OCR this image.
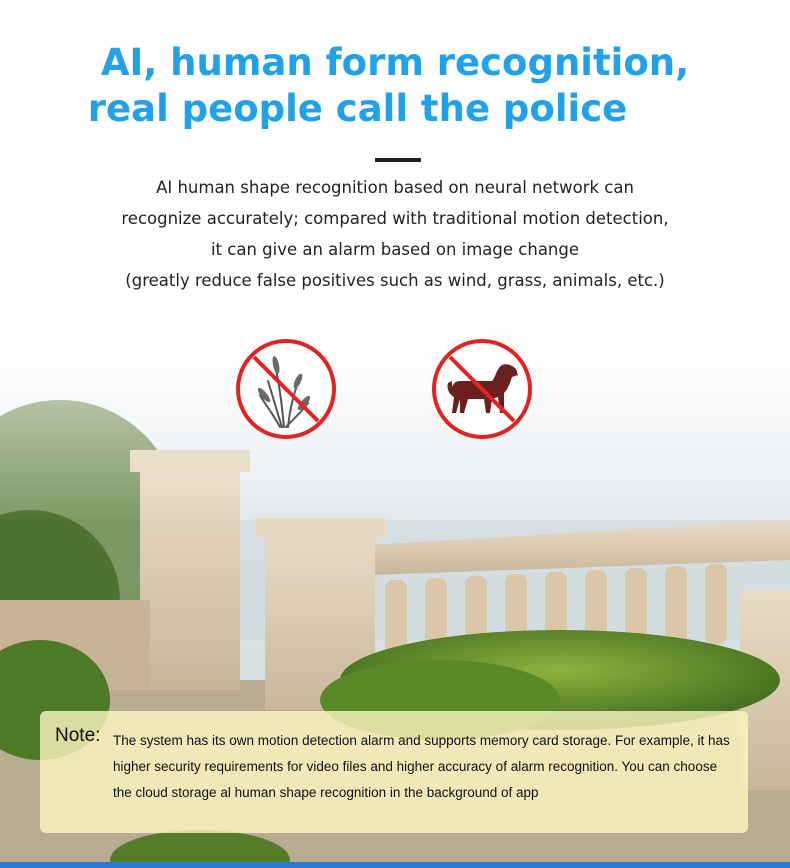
AI, human form recognition,
real people call the police
AI human shape recognition based on neural network can
recognize accurately; compared with traditional motion detection,
it can give an alarm based on image change
(greatly reduce false positives such as wind, grass, animals, etc.)
Note: The system has its own motion detection alarm and supports memory card storage. For example, it has higher security requirements for video files and higher accuracy of alarm recognition. You can choose the cloud storage al human shape recognition in the background of app
